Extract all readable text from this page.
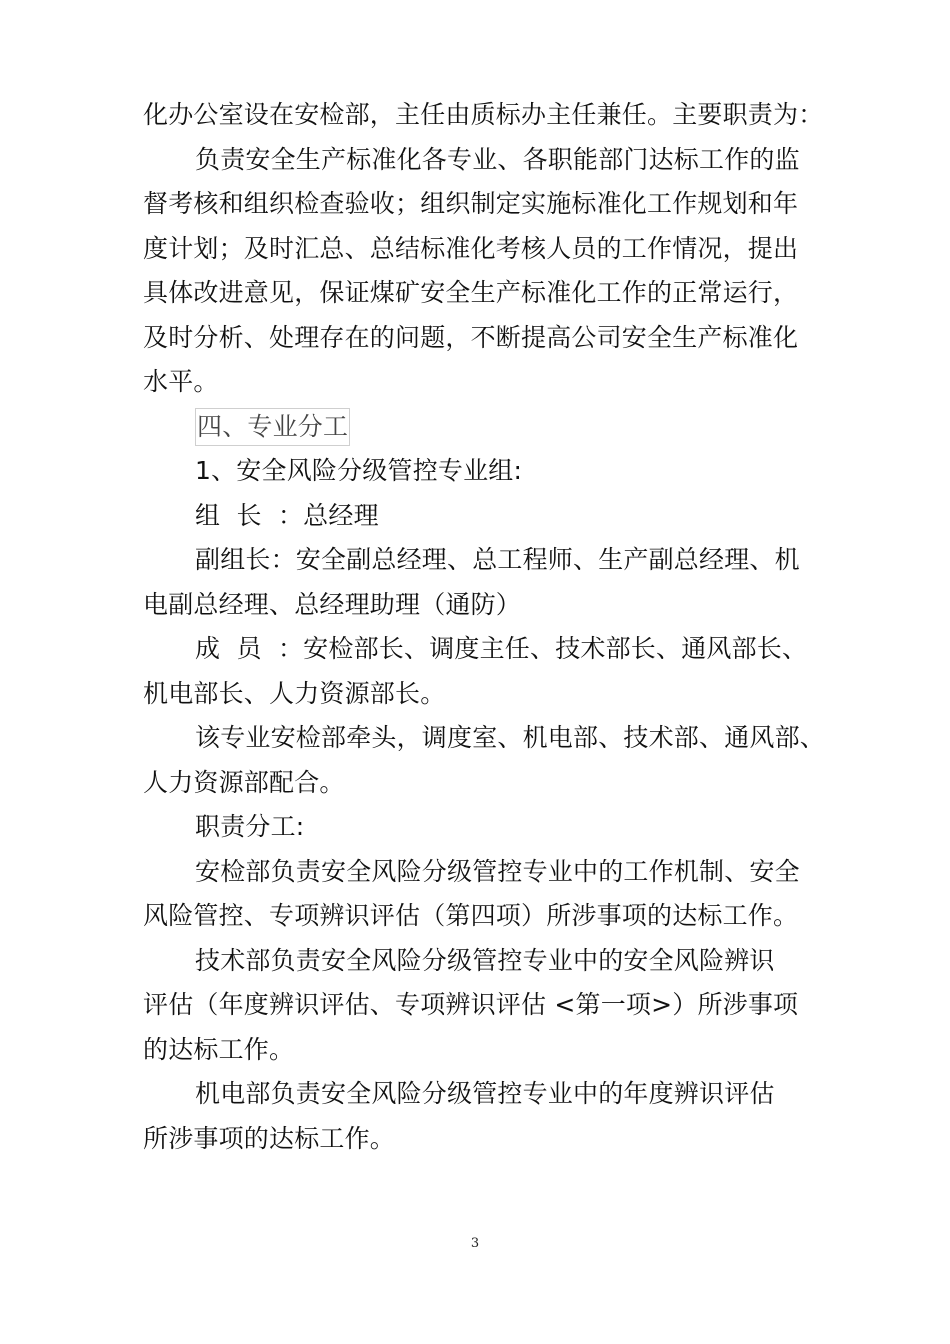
化办公室设在安检部，主任由质标办主任兼任。主要职责为：
负责安全生产标准化各专业、各职能部门达标工作的监
督考核和组织检查验收；组织制定实施标准化工作规划和年
度计划；及时汇总、总结标准化考核人员的工作情况，提出
具体改进意见，保证煤矿安全生产标准化工作的正常运行，
及时分析、处理存在的问题，不断提高公司安全生产标准化
水平。
四、专业分工
1、安全风险分级管控专业组:
组  长  ：总经理
副组长：安全副总经理、总工程师、生产副总经理、机
电副总经理、总经理助理（通防）
成  员  ：安检部长、调度主任、技术部长、通风部长、
机电部长、人力资源部长。
该专业安检部牵头，调度室、机电部、技术部、通风部、
人力资源部配合。
职责分工:
安检部负责安全风险分级管控专业中的工作机制、安全
风险管控、专项辨识评估（第四项）所涉事项的达标工作。
技术部负责安全风险分级管控专业中的安全风险辨识
评估（年度辨识评估、专项辨识评估 <第一项>）所涉事项
的达标工作。
机电部负责安全风险分级管控专业中的年度辨识评估
所涉事项的达标工作。
3
